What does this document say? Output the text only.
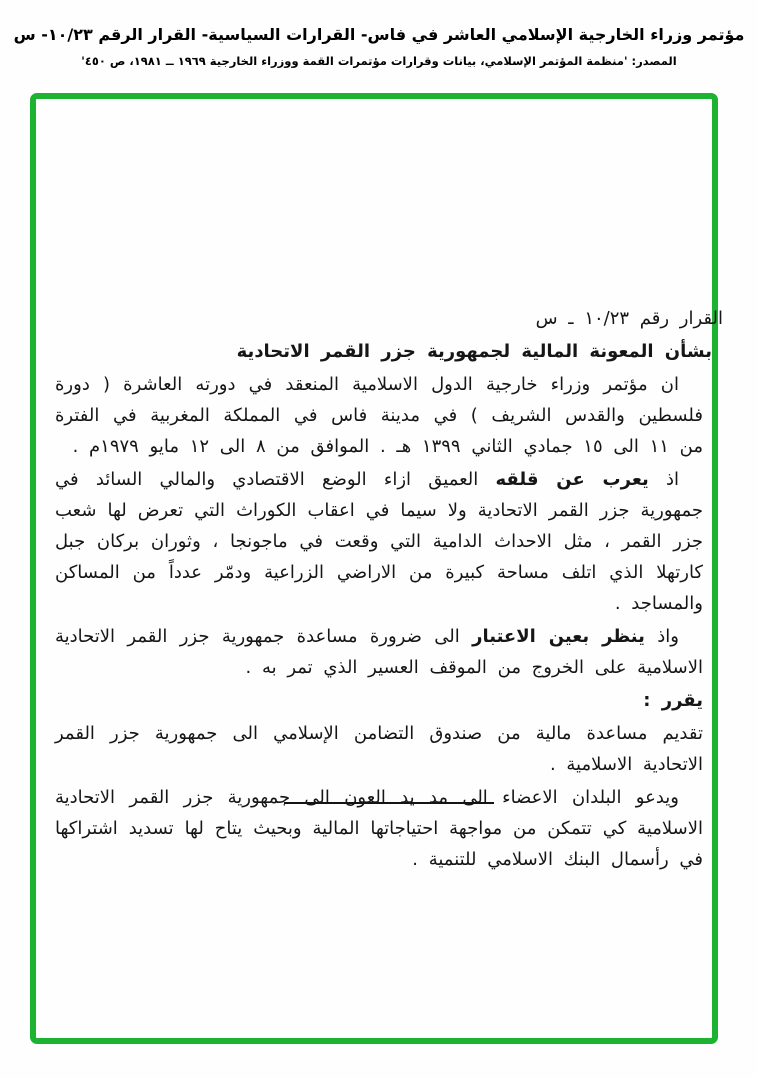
مؤتمر وزراء الخارجية الإسلامي العاشر في فاس- القرارات السياسية- القرار الرقم ١٠/٢٣- س
المصدر: 'منظمة المؤتمر الإسلامي، بيانات وقرارات مؤتمرات القمة ووزراء الخارجية ١٩٦٩ ــ ١٩٨١، ص ٤٥٠'

القرار رقم ١٠/٢٣ ـ س

بشأن المعونة المالية لجمهورية جزر القمر الاتحادية

ان مؤتمر وزراء خارجية الدول الاسلامية المنعقد في دورته العاشرة ( دورة فلسطين والقدس الشريف ) في مدينة فاس في المملكة المغربية في الفترة من ١١ الى ١٥ جمادي الثاني ١٣٩٩ هـ . الموافق من ٨ الى ١٢ مايو ١٩٧٩م .

اذ يعرب عن قلقه العميق ازاء الوضع الاقتصادي والمالي السائد في جمهورية جزر القمر الاتحادية ولا سيما في اعقاب الكوراث التي تعرض لها شعب جزر القمر ، مثل الاحداث الدامية التي وقعت في ماجونجا ، وثوران بركان جبل كارتهلا الذي اتلف مساحة كبيرة من الاراضي الزراعية ودمّر عدداً من المساكن والمساجد .

واذ ينظر بعين الاعتبار الى ضرورة مساعدة جمهورية جزر القمر الاتحادية الاسلامية على الخروج من الموقف العسير الذي تمر به .

يقرر :

تقديم مساعدة مالية من صندوق التضامن الإسلامي الى جمهورية جزر القمر الاتحادية الاسلامية .

ويدعو البلدان الاعضاء الى مد يد العون الى جمهورية جزر القمر الاتحادية الاسلامية كي تتمكن من مواجهة احتياجاتها المالية وبحيث يتاح لها تسديد اشتراكها في رأسمال البنك الاسلامي للتنمية .
